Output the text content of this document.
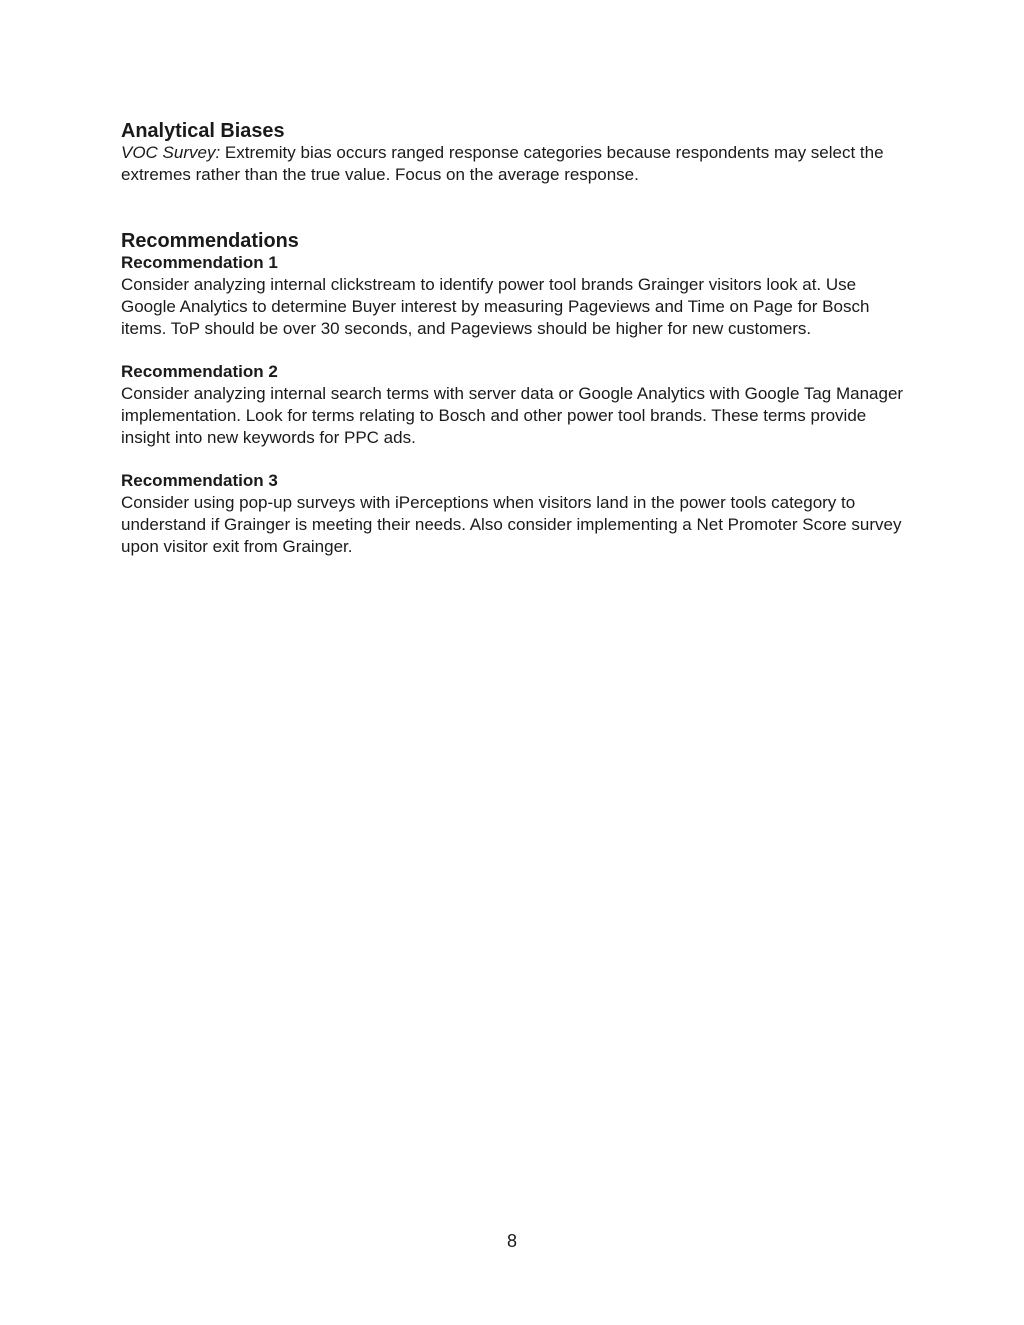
Analytical Biases

VOC Survey: Extremity bias occurs ranged response categories because respondents may select the extremes rather than the true value. Focus on the average response.

Recommendations
Recommendation 1

Consider analyzing internal clickstream to identify power tool brands Grainger visitors look at. Use Google Analytics to determine Buyer interest by measuring Pageviews and Time on Page for Bosch items. ToP should be over 30 seconds, and Pageviews should be higher for new customers.

Recommendation 2

Consider analyzing internal search terms with server data or Google Analytics with Google Tag Manager implementation. Look for terms relating to Bosch and other power tool brands. These terms provide insight into new keywords for PPC ads.

Recommendation 3

Consider using pop-up surveys with iPerceptions when visitors land in the power tools category to understand if Grainger is meeting their needs. Also consider implementing a Net Promoter Score survey upon visitor exit from Grainger.

8
